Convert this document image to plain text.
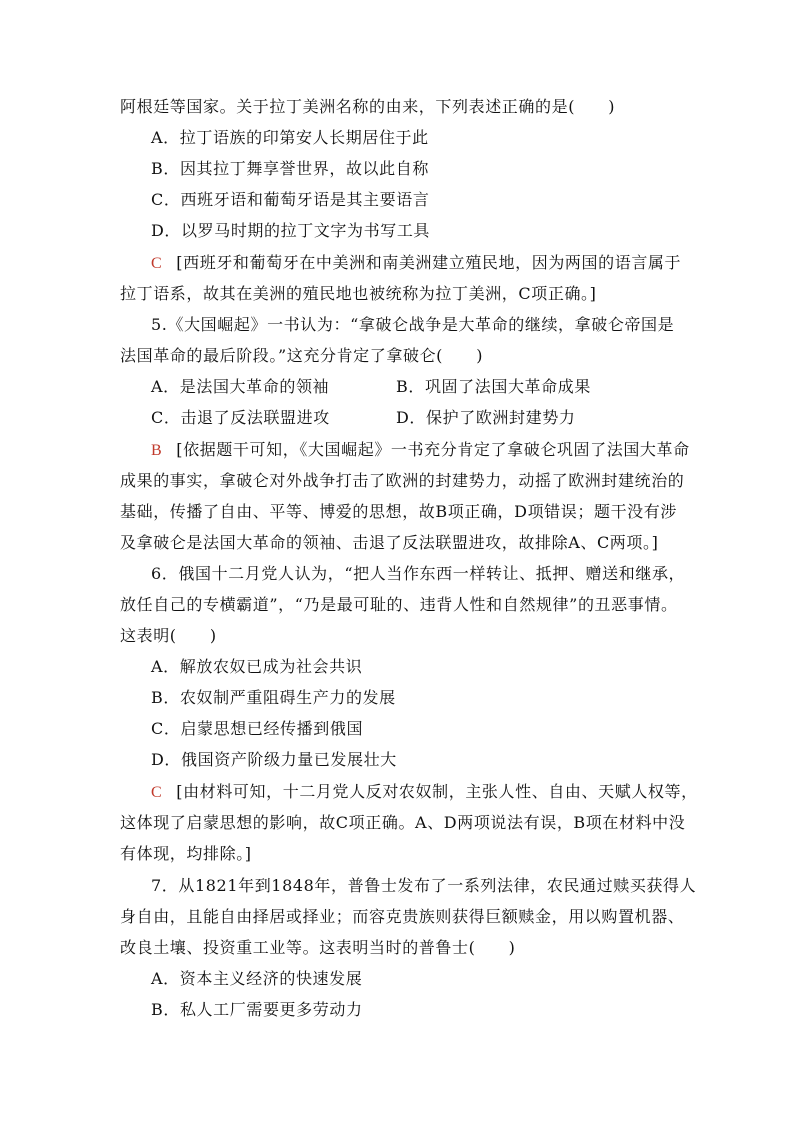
阿根廷等国家。关于拉丁美洲名称的由来，下列表述正确的是(　　)
A．拉丁语族的印第安人长期居住于此
B．因其拉丁舞享誉世界，故以此自称
C．西班牙语和葡萄牙语是其主要语言
D．以罗马时期的拉丁文字为书写工具
C [西班牙和葡萄牙在中美洲和南美洲建立殖民地，因为两国的语言属于
拉丁语系，故其在美洲的殖民地也被统称为拉丁美洲，C项正确。]
5.《大国崛起》一书认为：“拿破仑战争是大革命的继续，拿破仑帝国是
法国革命的最后阶段。”这充分肯定了拿破仑(　　)
A．是法国大革命的领袖	B．巩固了法国大革命成果
C．击退了反法联盟进攻	D．保护了欧洲封建势力
B [依据题干可知，《大国崛起》一书充分肯定了拿破仑巩固了法国大革命
成果的事实，拿破仑对外战争打击了欧洲的封建势力，动摇了欧洲封建统治的
基础，传播了自由、平等、博爱的思想，故B项正确，D项错误；题干没有涉
及拿破仑是法国大革命的领袖、击退了反法联盟进攻，故排除A、C两项。]
6．俄国十二月党人认为，“把人当作东西一样转让、抵押、赠送和继承，
放任自己的专横霸道”，“乃是最可耻的、违背人性和自然规律”的丑恶事情。
这表明(　　)
A．解放农奴已成为社会共识
B．农奴制严重阻碍生产力的发展
C．启蒙思想已经传播到俄国
D．俄国资产阶级力量已发展壮大
C [由材料可知，十二月党人反对农奴制，主张人性、自由、天赋人权等，
这体现了启蒙思想的影响，故C项正确。A、D两项说法有误，B项在材料中没
有体现，均排除。]
7．从1821年到1848年，普鲁士发布了一系列法律，农民通过赎买获得人
身自由，且能自由择居或择业；而容克贵族则获得巨额赎金，用以购置机器、
改良土壤、投资重工业等。这表明当时的普鲁士(　　)
A．资本主义经济的快速发展
B．私人工厂需要更多劳动力
